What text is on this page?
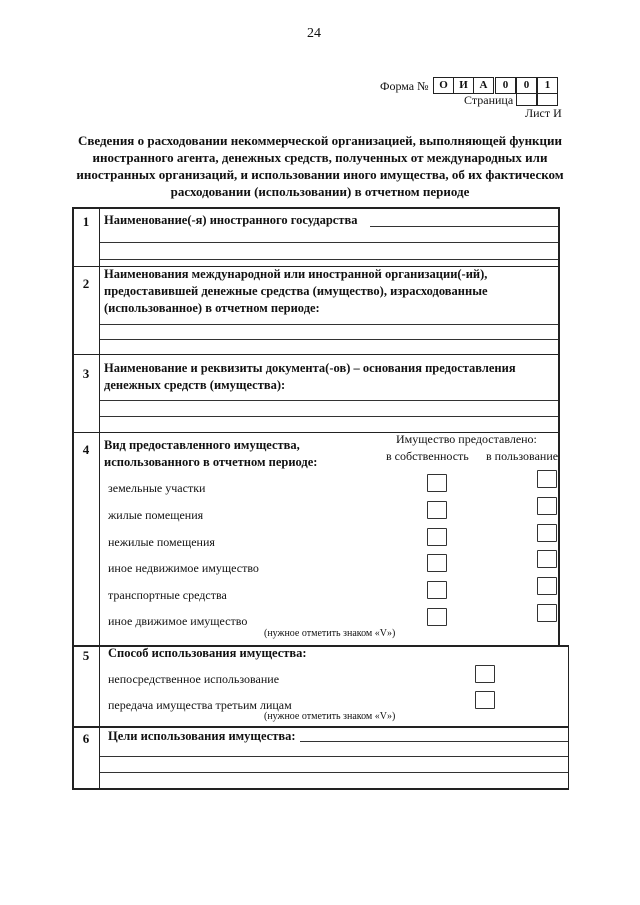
24
Форма № О	И	А	0	0	1
Страница
Лист И
Сведения о расходовании некоммерческой организацией, выполняющей функции иностранного агента, денежных средств, полученных от международных или иностранных организаций, и использовании иного имущества, об их фактическом расходовании (использовании) в отчетном периоде
1	Наименование(-я) иностранного государства
2
Наименования международной или иностранной организации(-ий), предоставившей денежные средства (имущество), израсходованные (использованное) в отчетном периоде:
3	Наименование и реквизиты документа(-ов) – основания предоставления денежных средств (имущества):
4	Вид предоставленного имущества, использованного в отчетном периоде:
Имущество предоставлено:
в собственность в пользование
земельные участки
жилые помещения
нежилые помещения
иное недвижимое имущество
транспортные средства
иное движимое имущество
(нужное отметить знаком «V»)
5	Способ использования имущества:
непосредственное использование
передача имущества третьим лицам
(нужное отметить знаком «V»)
6	Цели использования имущества:
